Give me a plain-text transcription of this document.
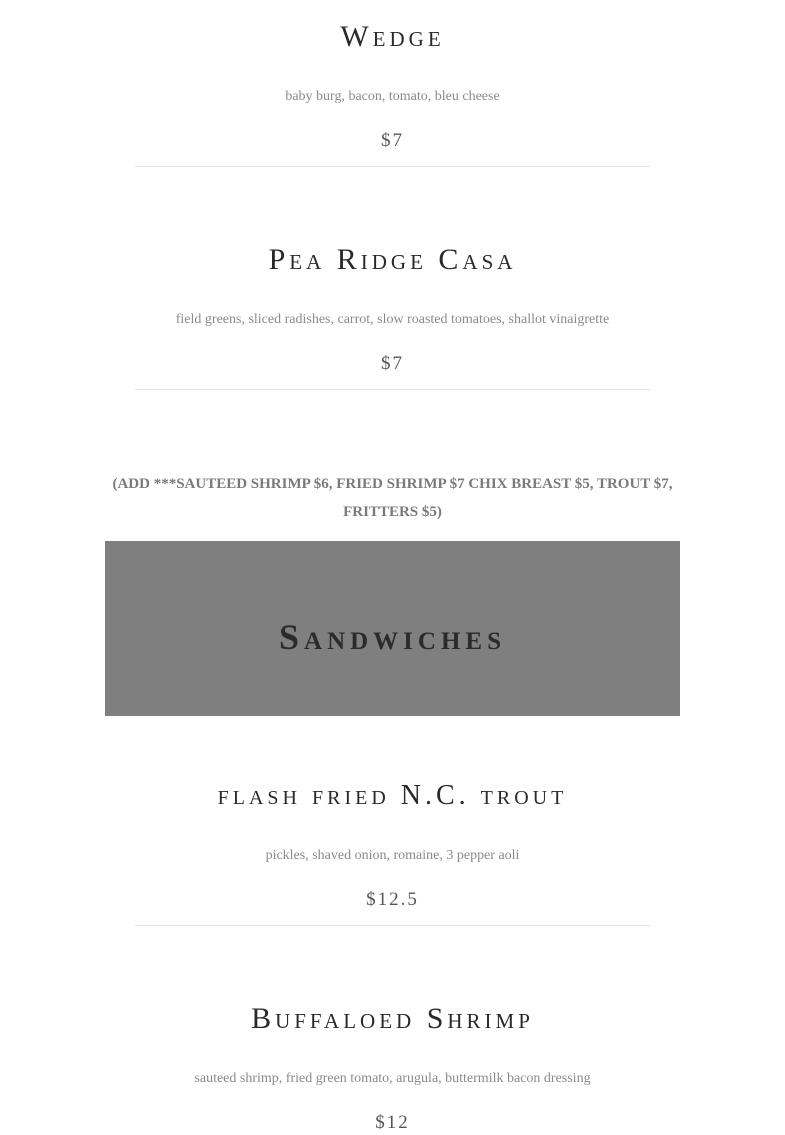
Wedge
baby burg, bacon, tomato, bleu cheese
$7
Pea Ridge Casa
field greens, sliced radishes, carrot, slow roasted tomatoes, shallot vinaigrette
$7
(ADD ***SAUTEED SHRIMP $6, FRIED SHRIMP $7 CHIX BREAST $5, TROUT $7, FRITTERS $5)
Sandwiches
flash fried N.C. trout
pickles, shaved onion, romaine, 3 pepper aoli
$12.5
Buffaloed Shrimp
sauteed shrimp, fried green tomato, arugula, buttermilk bacon dressing
$12
